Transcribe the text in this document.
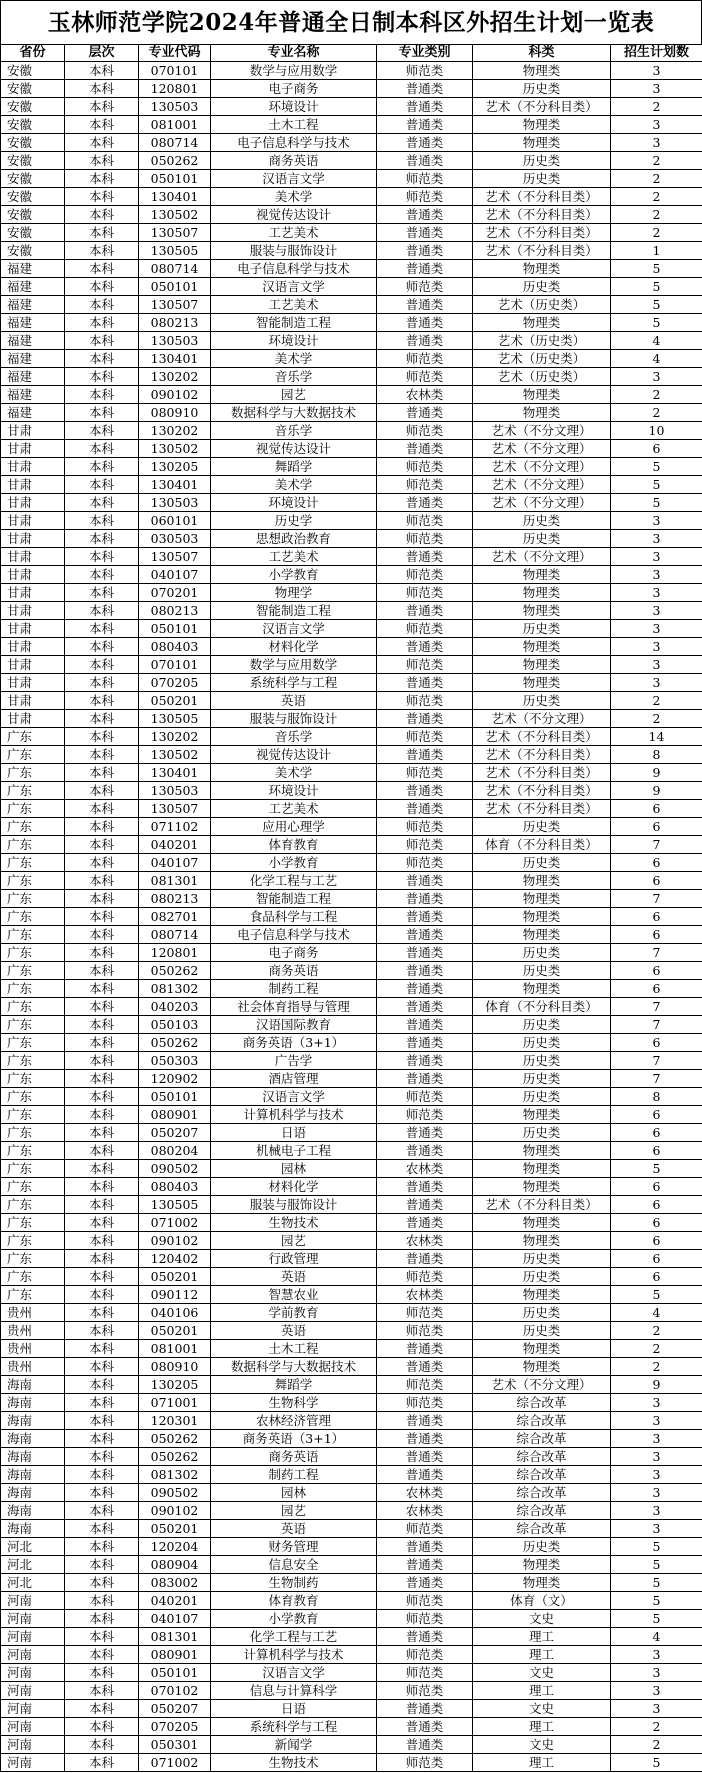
玉林师范学院2024年普通全日制本科区外招生计划一览表
省份	层次	专业代码	专业名称	专业类别	科类	招生计划数
安徽	本科	070101	数学与应用数学	师范类	物理类	3
安徽	本科	120801	电子商务	普通类	历史类	3
安徽	本科	130503	环境设计	普通类	艺术（不分科目类）	2
安徽	本科	081001	土木工程	普通类	物理类	3
安徽	本科	080714	电子信息科学与技术	普通类	物理类	3
安徽	本科	050262	商务英语	普通类	历史类	2
安徽	本科	050101	汉语言文学	师范类	历史类	2
安徽	本科	130401	美术学	师范类	艺术（不分科目类）	2
安徽	本科	130502	视觉传达设计	普通类	艺术（不分科目类）	2
安徽	本科	130507	工艺美术	普通类	艺术（不分科目类）	2
安徽	本科	130505	服装与服饰设计	普通类	艺术（不分科目类）	1
福建	本科	080714	电子信息科学与技术	普通类	物理类	5
福建	本科	050101	汉语言文学	师范类	历史类	5
福建	本科	130507	工艺美术	普通类	艺术（历史类）	5
福建	本科	080213	智能制造工程	普通类	物理类	5
福建	本科	130503	环境设计	普通类	艺术（历史类）	4
福建	本科	130401	美术学	师范类	艺术（历史类）	4
福建	本科	130202	音乐学	师范类	艺术（历史类）	3
福建	本科	090102	园艺	农林类	物理类	2
福建	本科	080910	数据科学与大数据技术	普通类	物理类	2
甘肃	本科	130202	音乐学	师范类	艺术（不分文理）	10
甘肃	本科	130502	视觉传达设计	普通类	艺术（不分文理）	6
甘肃	本科	130205	舞蹈学	师范类	艺术（不分文理）	5
甘肃	本科	130401	美术学	师范类	艺术（不分文理）	5
甘肃	本科	130503	环境设计	普通类	艺术（不分文理）	5
甘肃	本科	060101	历史学	师范类	历史类	3
甘肃	本科	030503	思想政治教育	师范类	历史类	3
甘肃	本科	130507	工艺美术	普通类	艺术（不分文理）	3
甘肃	本科	040107	小学教育	师范类	物理类	3
甘肃	本科	070201	物理学	师范类	物理类	3
甘肃	本科	080213	智能制造工程	普通类	物理类	3
甘肃	本科	050101	汉语言文学	师范类	历史类	3
甘肃	本科	080403	材料化学	普通类	物理类	3
甘肃	本科	070101	数学与应用数学	师范类	物理类	3
甘肃	本科	070205	系统科学与工程	普通类	物理类	3
甘肃	本科	050201	英语	师范类	历史类	2
甘肃	本科	130505	服装与服饰设计	普通类	艺术（不分文理）	2
广东	本科	130202	音乐学	师范类	艺术（不分科目类）	14
广东	本科	130502	视觉传达设计	普通类	艺术（不分科目类）	8
广东	本科	130401	美术学	师范类	艺术（不分科目类）	9
广东	本科	130503	环境设计	普通类	艺术（不分科目类）	9
广东	本科	130507	工艺美术	普通类	艺术（不分科目类）	6
广东	本科	071102	应用心理学	师范类	历史类	6
广东	本科	040201	体育教育	师范类	体育（不分科目类）	7
广东	本科	040107	小学教育	师范类	历史类	6
广东	本科	081301	化学工程与工艺	普通类	物理类	6
广东	本科	080213	智能制造工程	普通类	物理类	7
广东	本科	082701	食品科学与工程	普通类	物理类	6
广东	本科	080714	电子信息科学与技术	普通类	物理类	6
广东	本科	120801	电子商务	普通类	历史类	7
广东	本科	050262	商务英语	普通类	历史类	6
广东	本科	081302	制药工程	普通类	物理类	6
广东	本科	040203	社会体育指导与管理	普通类	体育（不分科目类）	7
广东	本科	050103	汉语国际教育	普通类	历史类	7
广东	本科	050262	商务英语（3+1）	普通类	历史类	6
广东	本科	050303	广告学	普通类	历史类	7
广东	本科	120902	酒店管理	普通类	历史类	7
广东	本科	050101	汉语言文学	师范类	历史类	8
广东	本科	080901	计算机科学与技术	师范类	物理类	6
广东	本科	050207	日语	普通类	历史类	6
广东	本科	080204	机械电子工程	普通类	物理类	6
广东	本科	090502	园林	农林类	物理类	5
广东	本科	080403	材料化学	普通类	物理类	6
广东	本科	130505	服装与服饰设计	普通类	艺术（不分科目类）	6
广东	本科	071002	生物技术	普通类	物理类	6
广东	本科	090102	园艺	农林类	物理类	6
广东	本科	120402	行政管理	普通类	历史类	6
广东	本科	050201	英语	师范类	历史类	6
广东	本科	090112	智慧农业	农林类	物理类	5
贵州	本科	040106	学前教育	师范类	历史类	4
贵州	本科	050201	英语	师范类	历史类	2
贵州	本科	081001	土木工程	普通类	物理类	2
贵州	本科	080910	数据科学与大数据技术	普通类	物理类	2
海南	本科	130205	舞蹈学	师范类	艺术（不分文理）	9
海南	本科	071001	生物科学	师范类	综合改革	3
海南	本科	120301	农林经济管理	普通类	综合改革	3
海南	本科	050262	商务英语（3+1）	普通类	综合改革	3
海南	本科	050262	商务英语	普通类	综合改革	3
海南	本科	081302	制药工程	普通类	综合改革	3
海南	本科	090502	园林	农林类	综合改革	3
海南	本科	090102	园艺	农林类	综合改革	3
海南	本科	050201	英语	师范类	综合改革	3
河北	本科	120204	财务管理	普通类	历史类	5
河北	本科	080904	信息安全	普通类	物理类	5
河北	本科	083002	生物制药	普通类	物理类	5
河南	本科	040201	体育教育	师范类	体育（文）	5
河南	本科	040107	小学教育	师范类	文史	5
河南	本科	081301	化学工程与工艺	普通类	理工	4
河南	本科	080901	计算机科学与技术	师范类	理工	3
河南	本科	050101	汉语言文学	师范类	文史	3
河南	本科	070102	信息与计算科学	师范类	理工	3
河南	本科	050207	日语	普通类	文史	3
河南	本科	070205	系统科学与工程	普通类	理工	2
河南	本科	050301	新闻学	普通类	文史	2
河南	本科	071002	生物技术	师范类	理工	5
